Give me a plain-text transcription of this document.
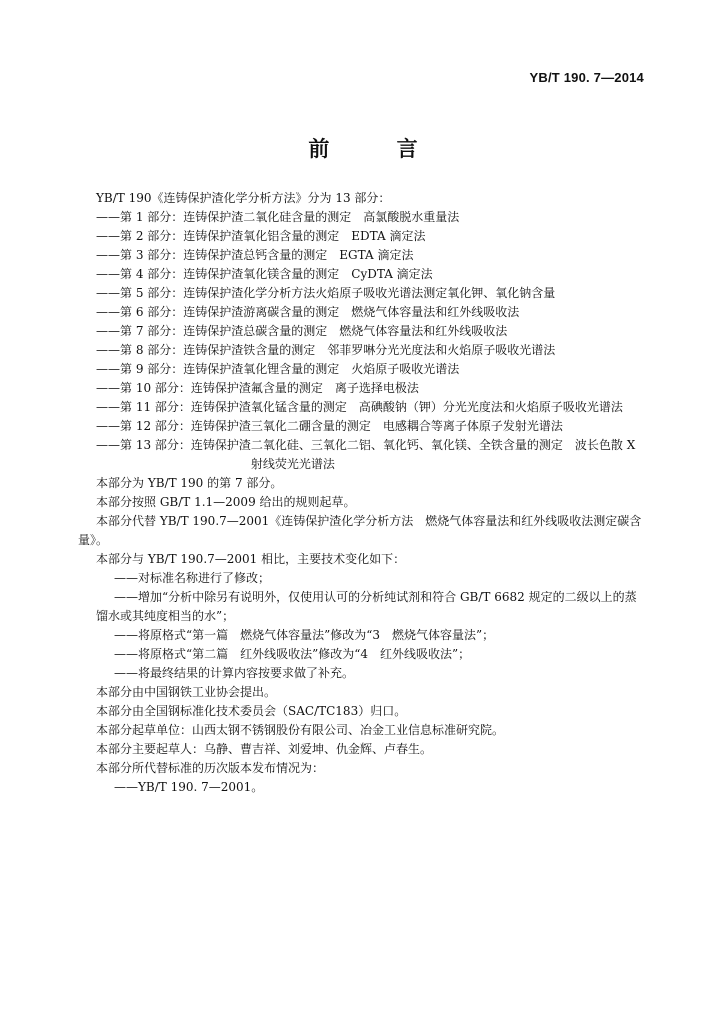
YB/T 190. 7—2014
前 言

YB/T 190《连铸保护渣化学分析方法》分为 13 部分：

——第 1 部分：连铸保护渣 二氧化硅含量的测定　高氯酸脱水重量法
——第 2 部分：连铸保护渣 氧化铝含量的测定　EDTA 滴定法
——第 3 部分：连铸保护渣 总钙含量的测定　EGTA 滴定法
——第 4 部分：连铸保护渣 氧化镁含量的测定　CyDTA 滴定法
——第 5 部分：连铸保护渣化学分析方法 火焰原子吸收光谱法测定氧化钾、氧化钠含量
——第 6 部分：连铸保护渣 游离碳含量的测定　燃烧气体容量法和红外线吸收法
——第 7 部分：连铸保护渣 总碳含量的测定　燃烧气体容量法和红外线吸收法
——第 8 部分：连铸保护渣 铁含量的测定　邻菲罗啉分光光度法和火焰原子吸收光谱法
——第 9 部分：连铸保护渣 氧化锂含量的测定　火焰原子吸收光谱法
——第 10 部分：连铸保护渣 氟含量的测定　离子选择电极法
——第 11 部分：连铸保护渣 氧化锰含量的测定　高碘酸钠（钾）分光光度法和火焰原子吸收光谱法
——第 12 部分：连铸保护渣 三氧化二硼含量的测定　电感耦合等离子体原子发射光谱法
——第 13 部分：连铸保护渣 二氧化硅、三氧化二铝、氧化钙、氧化镁、全铁含量的测定　波长色散 X 射线荧光光谱法

本部分为 YB/T 190 的第 7 部分。

本部分按照 GB/T 1.1—2009 给出的规则起草。

本部分代替 YB/T 190.7—2001《连铸保护渣化学分析方法　燃烧气体容量法和红外线吸收法测定碳含量》。

本部分与 YB/T 190.7—2001 相比，主要技术变化如下：

——对标准名称进行了修改；

——增加“分析中除另有说明外，仅使用认可的分析纯试剂和符合 GB/T 6682 规定的二级以上的蒸馏水或其纯度相当的水”；

——将原格式“第一篇　燃烧气体容量法”修改为“3　燃烧气体容量法”；

——将原格式“第二篇　红外线吸收法”修改为“4　红外线吸收法”；

——将最终结果的计算内容按要求做了补充。

本部分由中国钢铁工业协会提出。

本部分由全国钢标准化技术委员会（SAC/TC183）归口。

本部分起草单位：山西太钢不锈钢股份有限公司、冶金工业信息标准研究院。

本部分主要起草人：乌静、曹吉祥、刘爱坤、仇金辉、卢春生。

本部分所代替标准的历次版本发布情况为：

——YB/T 190. 7—2001。
